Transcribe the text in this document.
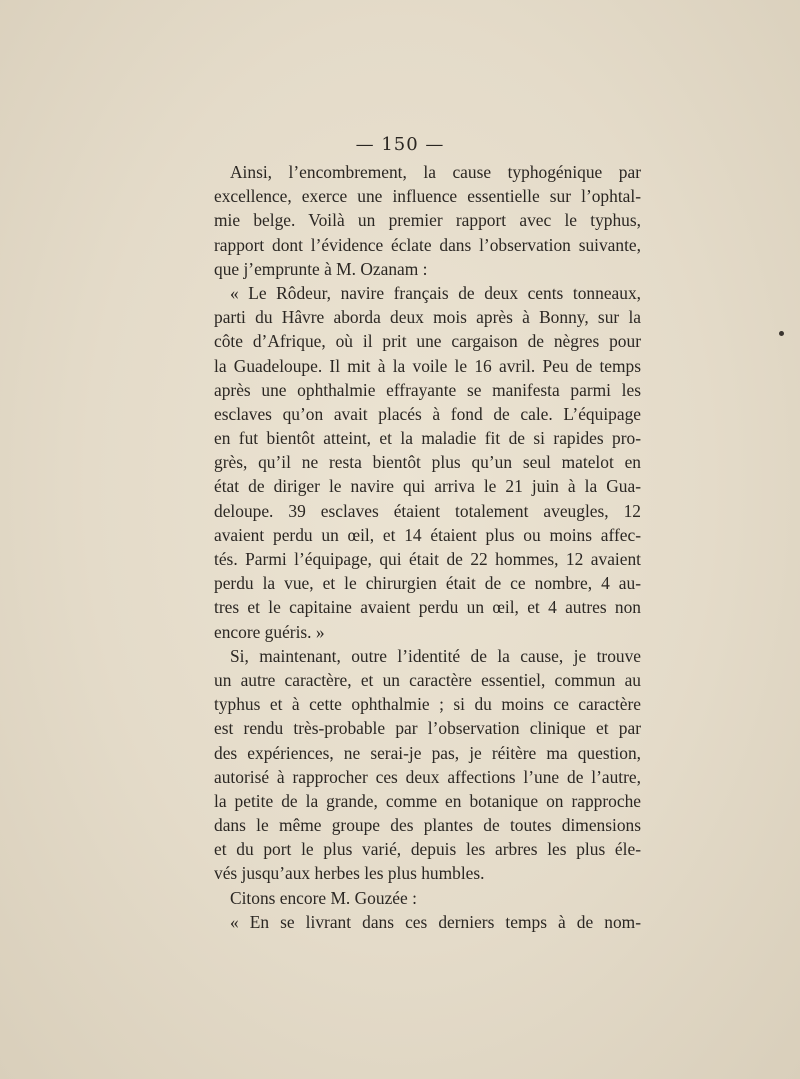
— 150 —
Ainsi, l’encombrement, la cause typhogénique par
excellence, exerce une influence essentielle sur l’ophtal-
mie belge. Voilà un premier rapport avec le typhus,
rapport dont l’évidence éclate dans l’observation suivante,
que j’emprunte à M. Ozanam :
« Le Rôdeur, navire français de deux cents tonneaux,
parti du Hâvre aborda deux mois après à Bonny, sur la
côte d’Afrique, où il prit une cargaison de nègres pour
la Guadeloupe. Il mit à la voile le 16 avril. Peu de temps
après une ophthalmie effrayante se manifesta parmi les
esclaves qu’on avait placés à fond de cale. L’équipage
en fut bientôt atteint, et la maladie fit de si rapides pro-
grès, qu’il ne resta bientôt plus qu’un seul matelot en
état de diriger le navire qui arriva le 21 juin à la Gua-
deloupe. 39 esclaves étaient totalement aveugles, 12
avaient perdu un œil, et 14 étaient plus ou moins affec-
tés. Parmi l’équipage, qui était de 22 hommes, 12 avaient
perdu la vue, et le chirurgien était de ce nombre, 4 au-
tres et le capitaine avaient perdu un œil, et 4 autres non
encore guéris. »
Si, maintenant, outre l’identité de la cause, je trouve
un autre caractère, et un caractère essentiel, commun au
typhus et à cette ophthalmie ; si du moins ce caractère
est rendu très-probable par l’observation clinique et par
des expériences, ne serai-je pas, je réitère ma question,
autorisé à rapprocher ces deux affections l’une de l’autre,
la petite de la grande, comme en botanique on rapproche
dans le même groupe des plantes de toutes dimensions
et du port le plus varié, depuis les arbres les plus éle-
vés jusqu’aux herbes les plus humbles.
Citons encore M. Gouzée :
« En se livrant dans ces derniers temps à de nom-
